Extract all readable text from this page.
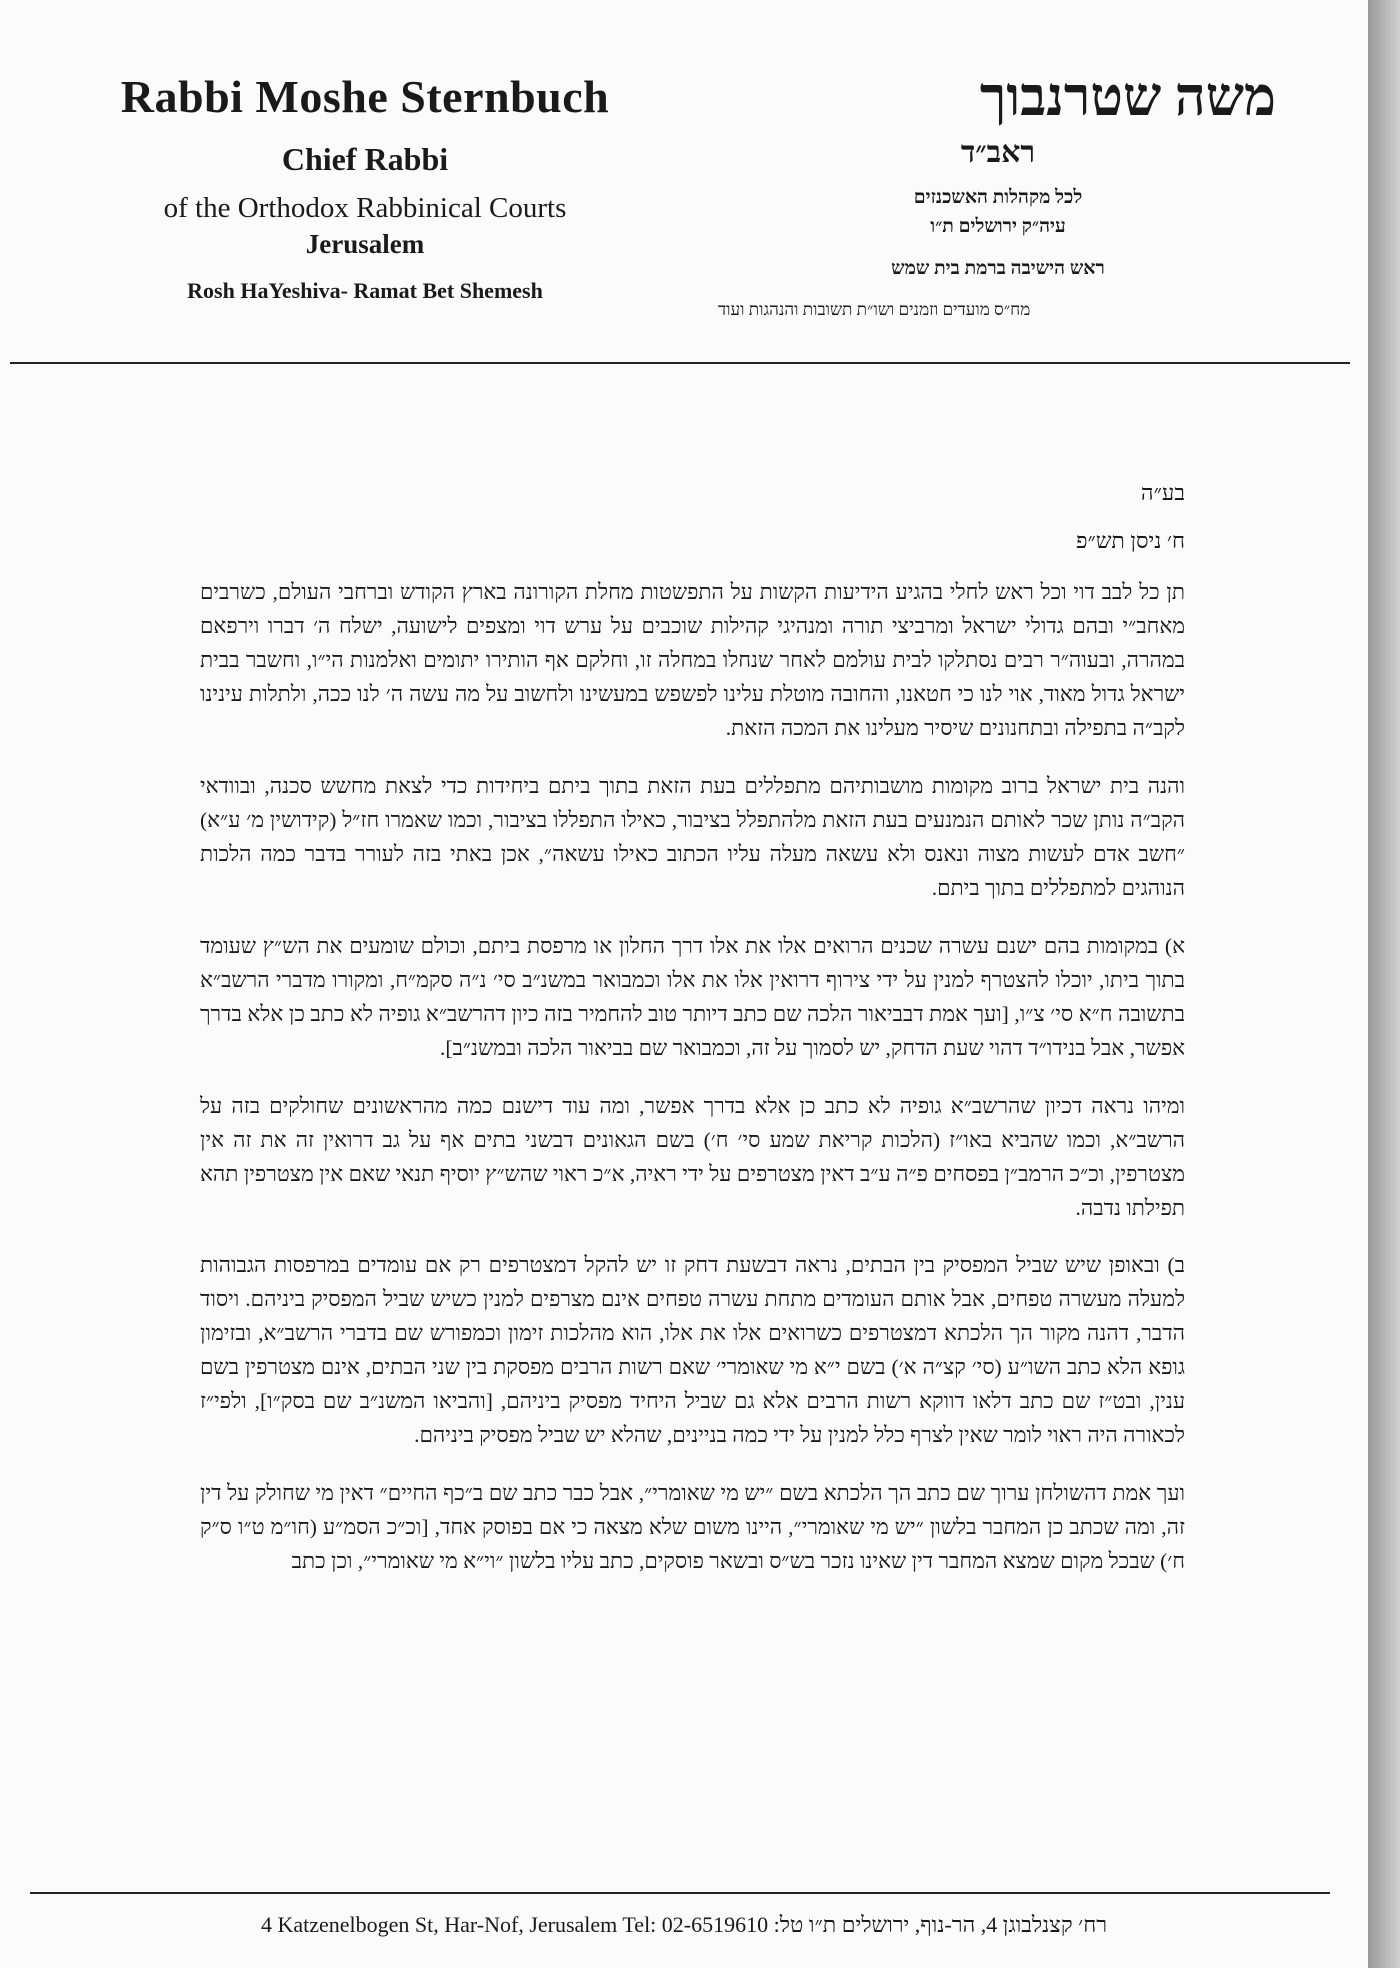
Rabbi Moshe Sternbuch
Chief Rabbi
of the Orthodox Rabbinical Courts
Jerusalem
Rosh HaYeshiva- Ramat Bet Shemesh
משה שטרנבוך
ראב״ד
לכל מקהלות האשכנזים
עיה״ק ירושלים ת״ו
ראש הישיבה ברמת בית שמש
מח״ס מועדים וזמנים ושו״ת תשובות והנהגות ועוד
בע״ה
ח׳ ניסן תש״פ

תן כל לבב דוי וכל ראש לחלי בהגיע הידיעות הקשות על התפשטות מחלת הקורונה בארץ הקודש וברחבי העולם, כשרבים מאחב״י ובהם גדולי ישראל ומרביצי תורה ומנהיגי קהילות שוכבים על ערש דוי ומצפים לישועה, ישלח ה׳ דברו וירפאם במהרה, ובעוה״ר רבים נסתלקו לבית עולמם לאחר שנחלו במחלה זו, וחלקם אף הותירו יתומים ואלמנות הי״ו, וחשבר בבית ישראל גדול מאוד, אוי לנו כי חטאנו, והחובה מוטלת עלינו לפשפש במעשינו ולחשוב על מה עשה ה׳ לנו ככה, ולתלות עינינו לקב״ה בתפילה ובתחנונים שיסיר מעלינו את המכה הזאת.

והנה בית ישראל ברוב מקומות מושבותיהם מתפללים בעת הזאת בתוך ביתם ביחידות כדי לצאת מחשש סכנה, ובוודאי הקב״ה נותן שכר לאותם הנמנעים בעת הזאת מלהתפלל בציבור, כאילו התפללו בציבור, וכמו שאמרו חז״ל (קידושין מ׳ ע״א) ״חשב אדם לעשות מצוה ונאנס ולא עשאה מעלה עליו הכתוב כאילו עשאה״, אכן באתי בזה לעורר בדבר כמה הלכות הנוהגים למתפללים בתוך ביתם.

א) במקומות בהם ישנם עשרה שכנים הרואים אלו את אלו דרך החלון או מרפסת ביתם, וכולם שומעים את הש״ץ שעומד בתוך ביתו, יוכלו להצטרף למנין על ידי צירוף דרואין אלו את אלו וכמבואר במשנ״ב סי׳ נ״ה סקמ״ח, ומקורו מדברי הרשב״א בתשובה ח״א סי׳ צ״ו, [ועך אמת דבביאור הלכה שם כתב דיותר טוב להחמיר בזה כיון דהרשב״א גופיה לא כתב כן אלא בדרך אפשר, אבל בנידו״ד דהוי שעת הדחק, יש לסמוך על זה, וכמבואר שם בביאור הלכה ובמשנ״ב].

ומיהו נראה דכיון שהרשב״א גופיה לא כתב כן אלא בדרך אפשר, ומה עוד דישנם כמה מהראשונים שחולקים בזה על הרשב״א, וכמו שהביא באו״ז (הלכות קריאת שמע סי׳ ח׳) בשם הגאונים דבשני בתים אף על גב דרואין זה את זה אין מצטרפין, וכ״כ הרמב״ן בפסחים פ״ה ע״ב דאין מצטרפים על ידי ראיה, א״כ ראוי שהש״ץ יוסיף תנאי שאם אין מצטרפין תהא תפילתו נדבה.

ב) ובאופן שיש שביל המפסיק בין הבתים, נראה דבשעת דחק זו יש להקל דמצטרפים רק אם עומדים במרפסות הגבוהות למעלה מעשרה טפחים, אבל אותם העומדים מתחת עשרה טפחים אינם מצרפים למנין כשיש שביל המפסיק ביניהם. ויסוד הדבר, דהנה מקור הך הלכתא דמצטרפים כשרואים אלו את אלו, הוא מהלכות זימון וכמפורש שם בדברי הרשב״א, ובזימון גופא הלא כתב השו״ע (סי׳ קצ״ה א׳) בשם י״א מי שאומרי׳ שאם רשות הרבים מפסקת בין שני הבתים, אינם מצטרפין בשם ענין, ובט״ז שם כתב דלאו דווקא רשות הרבים אלא גם שביל היחיד מפסיק ביניהם, [והביאו המשנ״ב שם בסק״ו], ולפי״ז לכאורה היה ראוי לומר שאין לצרף כלל למנין על ידי כמה בניינים, שהלא יש שביל מפסיק ביניהם.

ועך אמת דהשולחן ערוך שם כתב הך הלכתא בשם ״יש מי שאומרי״, אבל כבר כתב שם ב״כף החיים״ דאין מי שחולק על דין זה, ומה שכתב כן המחבר בלשון ״יש מי שאומרי״, היינו משום שלא מצאה כי אם בפוסק אחד, [וכ״כ הסמ״ע (חו״מ ט״ו ס״ק ח׳) שבכל מקום שמצא המחבר דין שאינו נזכר בש״ס ובשאר פוסקים, כתב עליו בלשון ״וי״א מי שאומרי״, וכן כתב

4 Katzenelbogen St, Har-Nof, Jerusalem Tel: 02-6519610 רח׳ קצנלבוגן 4, הר-נוף, ירושלים ת״ו טל:
